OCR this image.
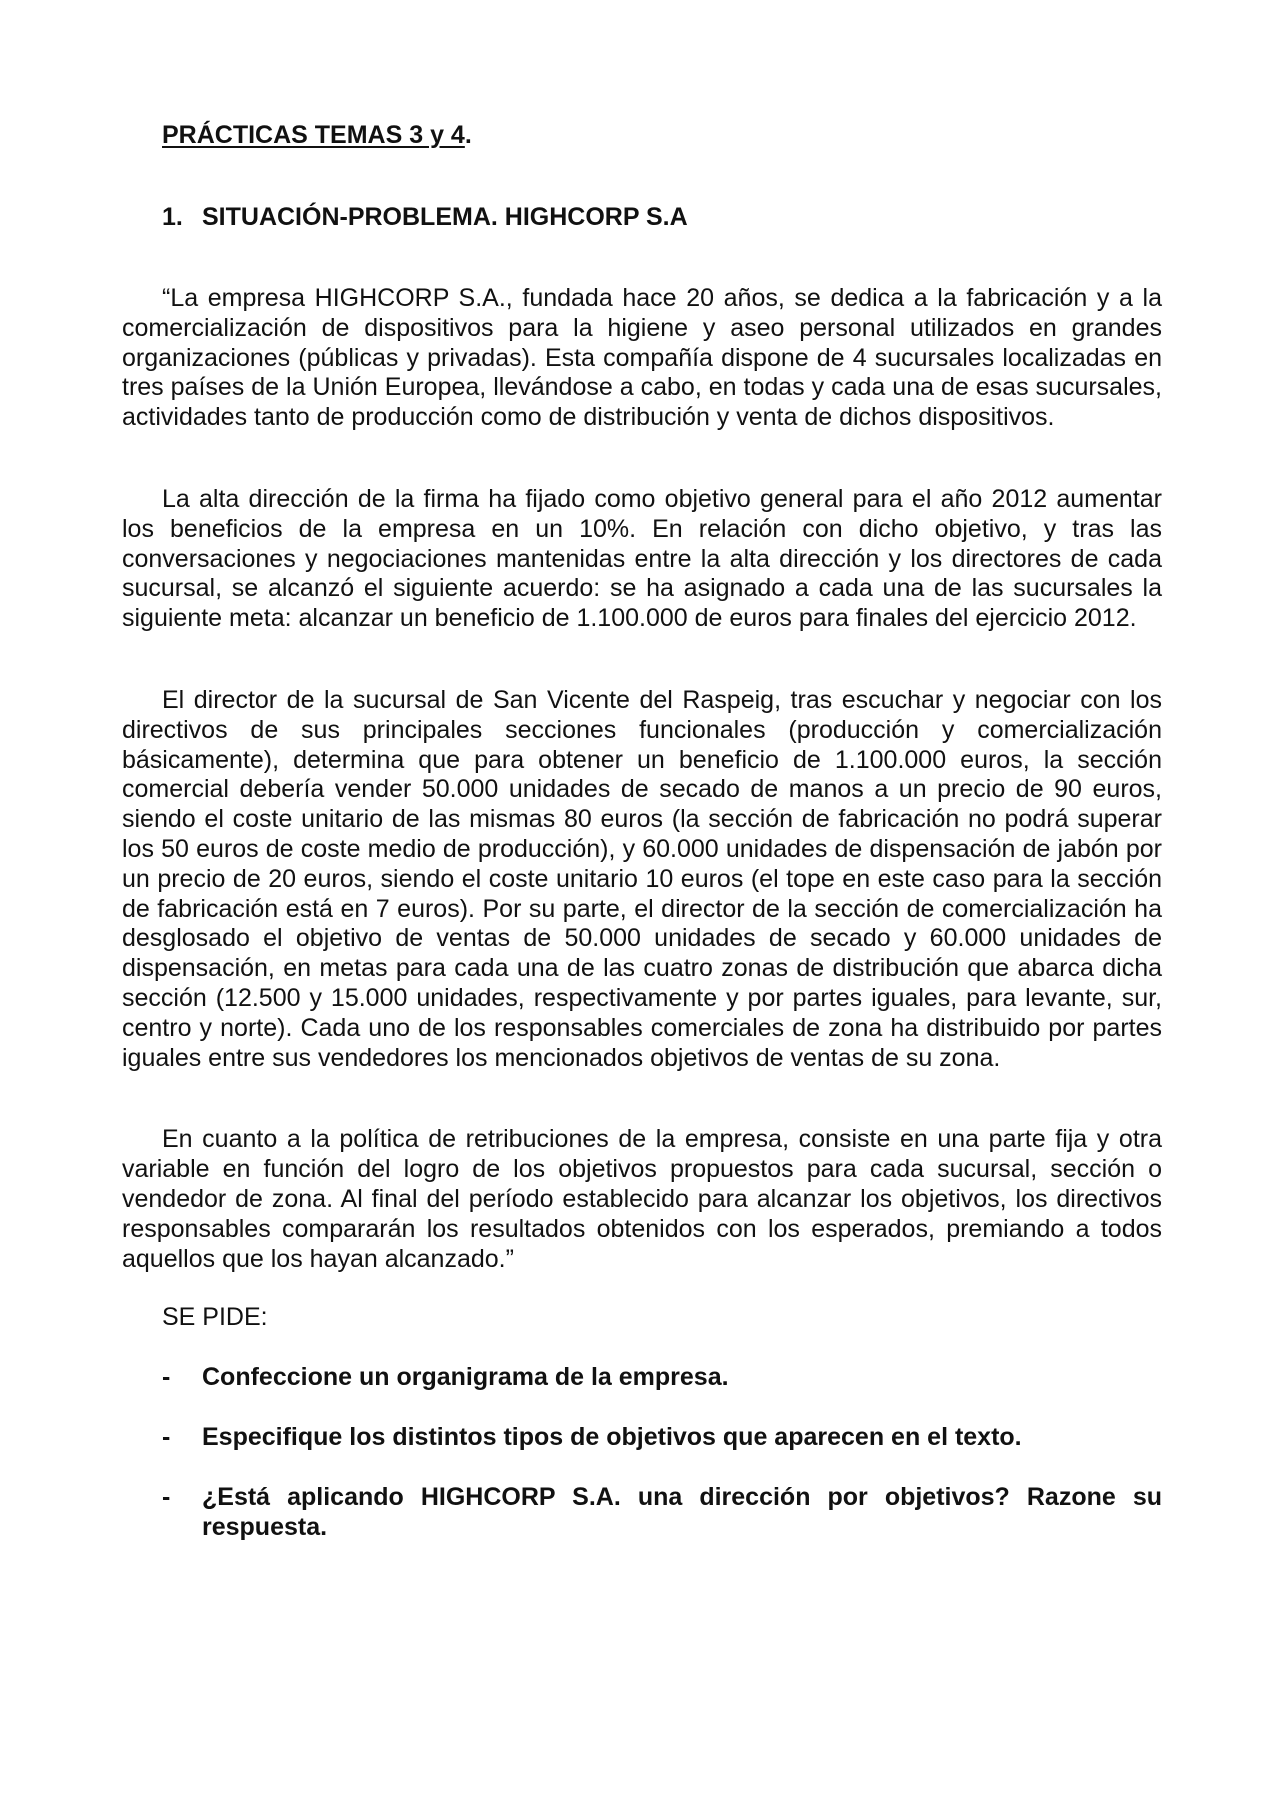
PRÁCTICAS TEMAS 3 y 4.

1. SITUACIÓN-PROBLEMA. HIGHCORP S.A

“La empresa HIGHCORP S.A., fundada hace 20 años, se dedica a la fabricación y a la comercialización de dispositivos para la higiene y aseo personal utilizados en grandes organizaciones (públicas y privadas). Esta compañía dispone de 4 sucursales localizadas en tres países de la Unión Europea, llevándose a cabo, en todas y cada una de esas sucursales, actividades tanto de producción como de distribución y venta de dichos dispositivos.

La alta dirección de la firma ha fijado como objetivo general para el año 2012 aumentar los beneficios de la empresa en un 10%. En relación con dicho objetivo, y tras las conversaciones y negociaciones mantenidas entre la alta dirección y los directores de cada sucursal, se alcanzó el siguiente acuerdo: se ha asignado a cada una de las sucursales la siguiente meta: alcanzar un beneficio de 1.100.000 de euros para finales del ejercicio 2012.

El director de la sucursal de San Vicente del Raspeig, tras escuchar y negociar con los directivos de sus principales secciones funcionales (producción y comercialización básicamente), determina que para obtener un beneficio de 1.100.000 euros, la sección comercial debería vender 50.000 unidades de secado de manos a un precio de 90 euros, siendo el coste unitario de las mismas 80 euros (la sección de fabricación no podrá superar los 50 euros de coste medio de producción), y 60.000 unidades de dispensación de jabón por un precio de 20 euros, siendo el coste unitario 10 euros (el tope en este caso para la sección de fabricación está en 7 euros). Por su parte, el director de la sección de comercialización ha desglosado el objetivo de ventas de 50.000 unidades de secado y 60.000 unidades de dispensación, en metas para cada una de las cuatro zonas de distribución que abarca dicha sección (12.500 y 15.000 unidades, respectivamente y por partes iguales, para levante, sur, centro y norte). Cada uno de los responsables comerciales de zona ha distribuido por partes iguales entre sus vendedores los mencionados objetivos de ventas de su zona.

En cuanto a la política de retribuciones de la empresa, consiste en una parte fija y otra variable en función del logro de los objetivos propuestos para cada sucursal, sección o vendedor de zona. Al final del período establecido para alcanzar los objetivos, los directivos responsables compararán los resultados obtenidos con los esperados, premiando a todos aquellos que los hayan alcanzado.”

SE PIDE:

-	Confeccione un organigrama de la empresa.
-	Especifique los distintos tipos de objetivos que aparecen en el texto.
-	¿Está aplicando HIGHCORP S.A. una dirección por objetivos? Razone su respuesta.
